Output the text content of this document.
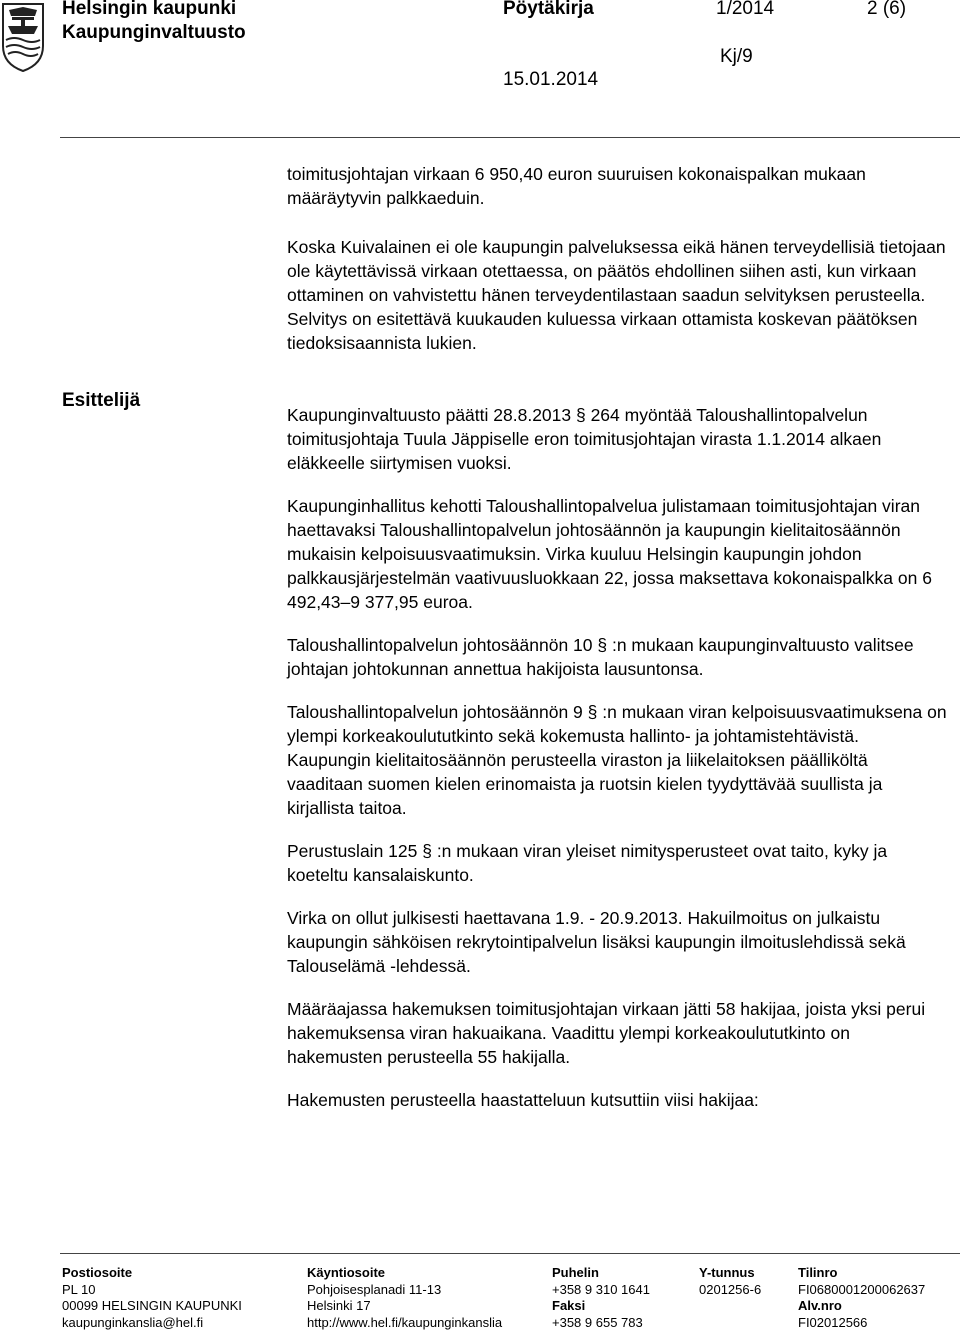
Helsingin kaupunki
Kaupunginvaltuusto
Pöytäkirja	1/2014	2 (6)
Kj/9
15.01.2014
Esittelijä

toimitusjohtajan virkaan 6 950,40 euron suuruisen kokonaispalkan mukaan määräytyvin palkkaeduin.

Koska Kuivalainen ei ole kaupungin palveluksessa eikä hänen terveydellisiä tietojaan ole käytettävissä virkaan otettaessa, on päätös ehdollinen siihen asti, kun virkaan ottaminen on vahvistettu hänen terveydentilastaan saadun selvityksen perusteella. Selvitys on esitettävä kuukauden kuluessa virkaan ottamista koskevan päätöksen tiedoksisaannista lukien.

Kaupunginvaltuusto päätti 28.8.2013 § 264 myöntää Taloushallintopalvelun toimitusjohtaja Tuula Jäppiselle eron toimitusjohtajan virasta 1.1.2014 alkaen eläkkeelle siirtymisen vuoksi.

Kaupunginhallitus kehotti Taloushallintopalvelua julistamaan toimitusjohtajan viran haettavaksi Taloushallintopalvelun johtosäännön ja kaupungin kielitaitosäännön mukaisin kelpoisuusvaatimuksin. Virka kuuluu Helsingin kaupungin johdon palkkausjärjestelmän vaativuusluokkaan 22, jossa maksettava kokonaispalkka on 6 492,43–9 377,95 euroa.

Taloushallintopalvelun johtosäännön 10 § :n mukaan kaupunginvaltuusto valitsee johtajan johtokunnan annettua hakijoista lausuntonsa.

Taloushallintopalvelun johtosäännön 9 § :n mukaan viran kelpoisuusvaatimuksena on ylempi korkeakoulututkinto sekä kokemusta hallinto- ja johtamistehtävistä. Kaupungin kielitaitosäännön perusteella viraston ja liikelaitoksen päälliköltä vaaditaan suomen kielen erinomaista ja ruotsin kielen tyydyttävää suullista ja kirjallista taitoa.

Perustuslain 125 § :n mukaan viran yleiset nimitysperusteet ovat taito, kyky ja koeteltu kansalaiskunto.

Virka on ollut julkisesti haettavana 1.9. - 20.9.2013. Hakuilmoitus on julkaistu kaupungin sähköisen rekrytointipalvelun lisäksi kaupungin ilmoituslehdissä sekä Talouselämä -lehdessä.

Määräajassa hakemuksen toimitusjohtajan virkaan jätti 58 hakijaa, joista yksi perui hakemuksensa viran hakuaikana. Vaadittu ylempi korkeakoulututkinto on hakemusten perusteella 55 hakijalla.

Hakemusten perusteella haastatteluun kutsuttiin viisi hakijaa:

Postiosoite
PL 10
00099 HELSINGIN KAUPUNKI
kaupunginkanslia@hel.fi
Käyntiosoite
Pohjoisesplanadi 11-13
Helsinki 17
http://www.hel.fi/kaupunginkanslia
Puhelin
+358 9 310 1641
Faksi
+358 9 655 783
Y-tunnus
0201256-6
Tilinro
FI0680001200062637
Alv.nro
FI02012566
